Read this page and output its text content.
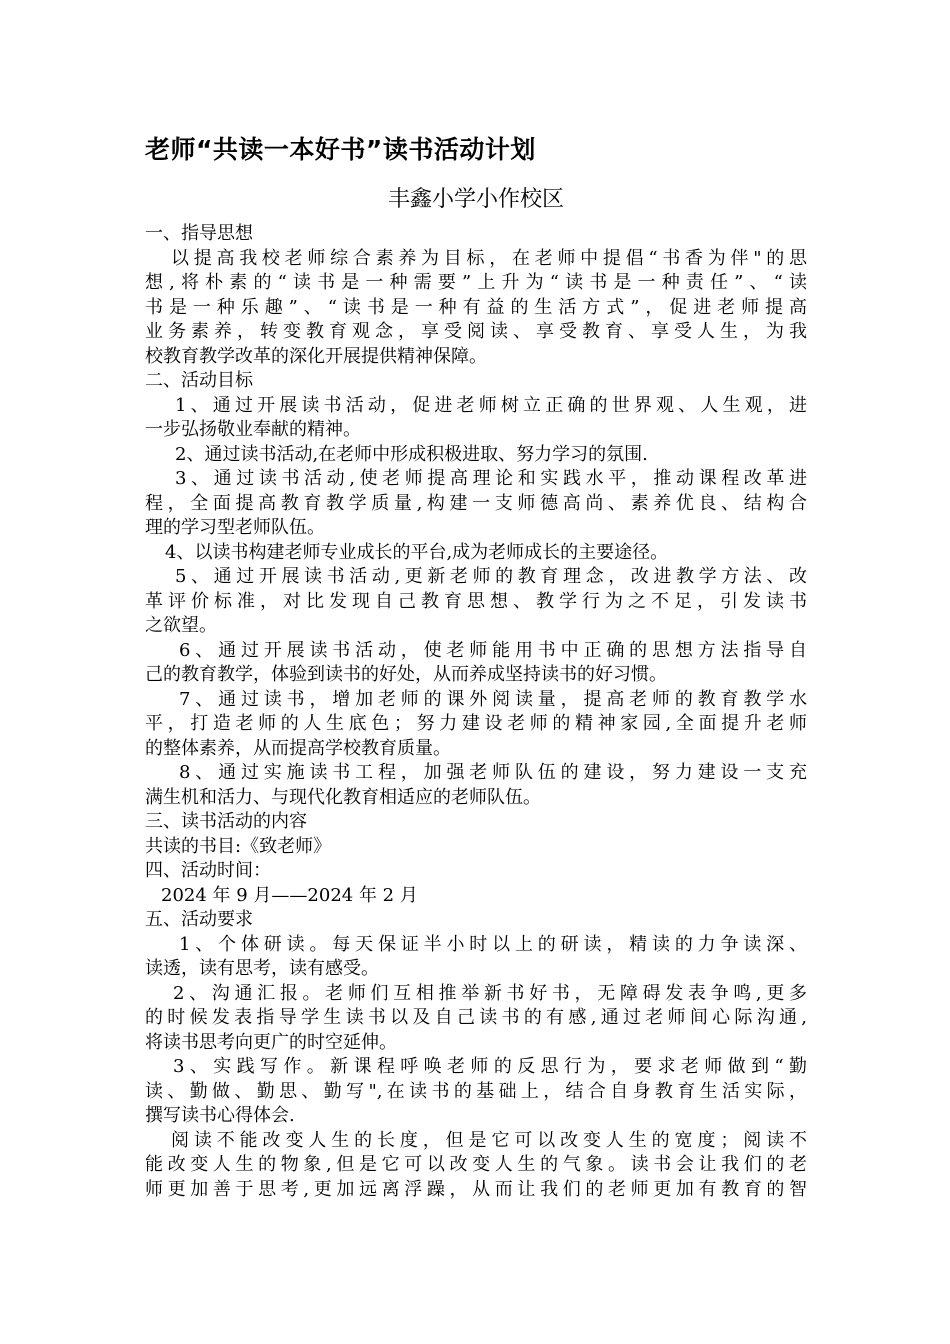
老师“共读一本好书”读书活动计划
丰鑫小学小作校区

一、指导思想

以提高我校老师综合素养为目标，在老师中提倡“书香为伴"的思

想,将朴素的“读书是一种需要”上升为“读书是一种责任”、“读

书是一种乐趣”、“读书是一种有益的生活方式”，促进老师提高

业务素养，转变教育观念，享受阅读、享受教育、享受人生，为我

校教育教学改革的深化开展提供精神保障。

二、活动目标

1、通过开展读书活动，促进老师树立正确的世界观、人生观，进

一步弘扬敬业奉献的精神。

2、通过读书活动,在老师中形成积极进取、努力学习的氛围.

3、通过读书活动,使老师提高理论和实践水平，推动课程改革进

程，全面提高教育教学质量,构建一支师德高尚、素养优良、结构合

理的学习型老师队伍。

4、以读书构建老师专业成长的平台,成为老师成长的主要途径。

5、通过开展读书活动,更新老师的教育理念，改进教学方法、改

革评价标准，对比发现自己教育思想、教学行为之不足，引发读书

之欲望。

6、通过开展读书活动，使老师能用书中正确的思想方法指导自

己的教育教学，体验到读书的好处，从而养成坚持读书的好习惯。

7、通过读书，增加老师的课外阅读量，提高老师的教育教学水

平，打造老师的人生底色；努力建设老师的精神家园,全面提升老师

的整体素养，从而提高学校教育质量。

8、通过实施读书工程，加强老师队伍的建设，努力建设一支充

满生机和活力、与现代化教育相适应的老师队伍。

三、读书活动的内容

共读的书目:《致老师》

四、活动时间：

2024 年 9 月——2024 年 2 月

五、活动要求

1、个体研读。每天保证半小时以上的研读，精读的力争读深、

读透，读有思考，读有感受。

2、沟通汇报。老师们互相推举新书好书，无障碍发表争鸣,更多

的时候发表指导学生读书以及自己读书的有感,通过老师间心际沟通,

将读书思考向更广的时空延伸。

3、实践写作。新课程呼唤老师的反思行为，要求老师做到“勤

读、勤做、勤思、勤写",在读书的基础上，结合自身教育生活实际，

撰写读书心得体会.

阅读不能改变人生的长度，但是它可以改变人生的宽度；阅读不

能改变人生的物象,但是它可以改变人生的气象。读书会让我们的老

师更加善于思考,更加远离浮躁，从而让我们的老师更加有教育的智
